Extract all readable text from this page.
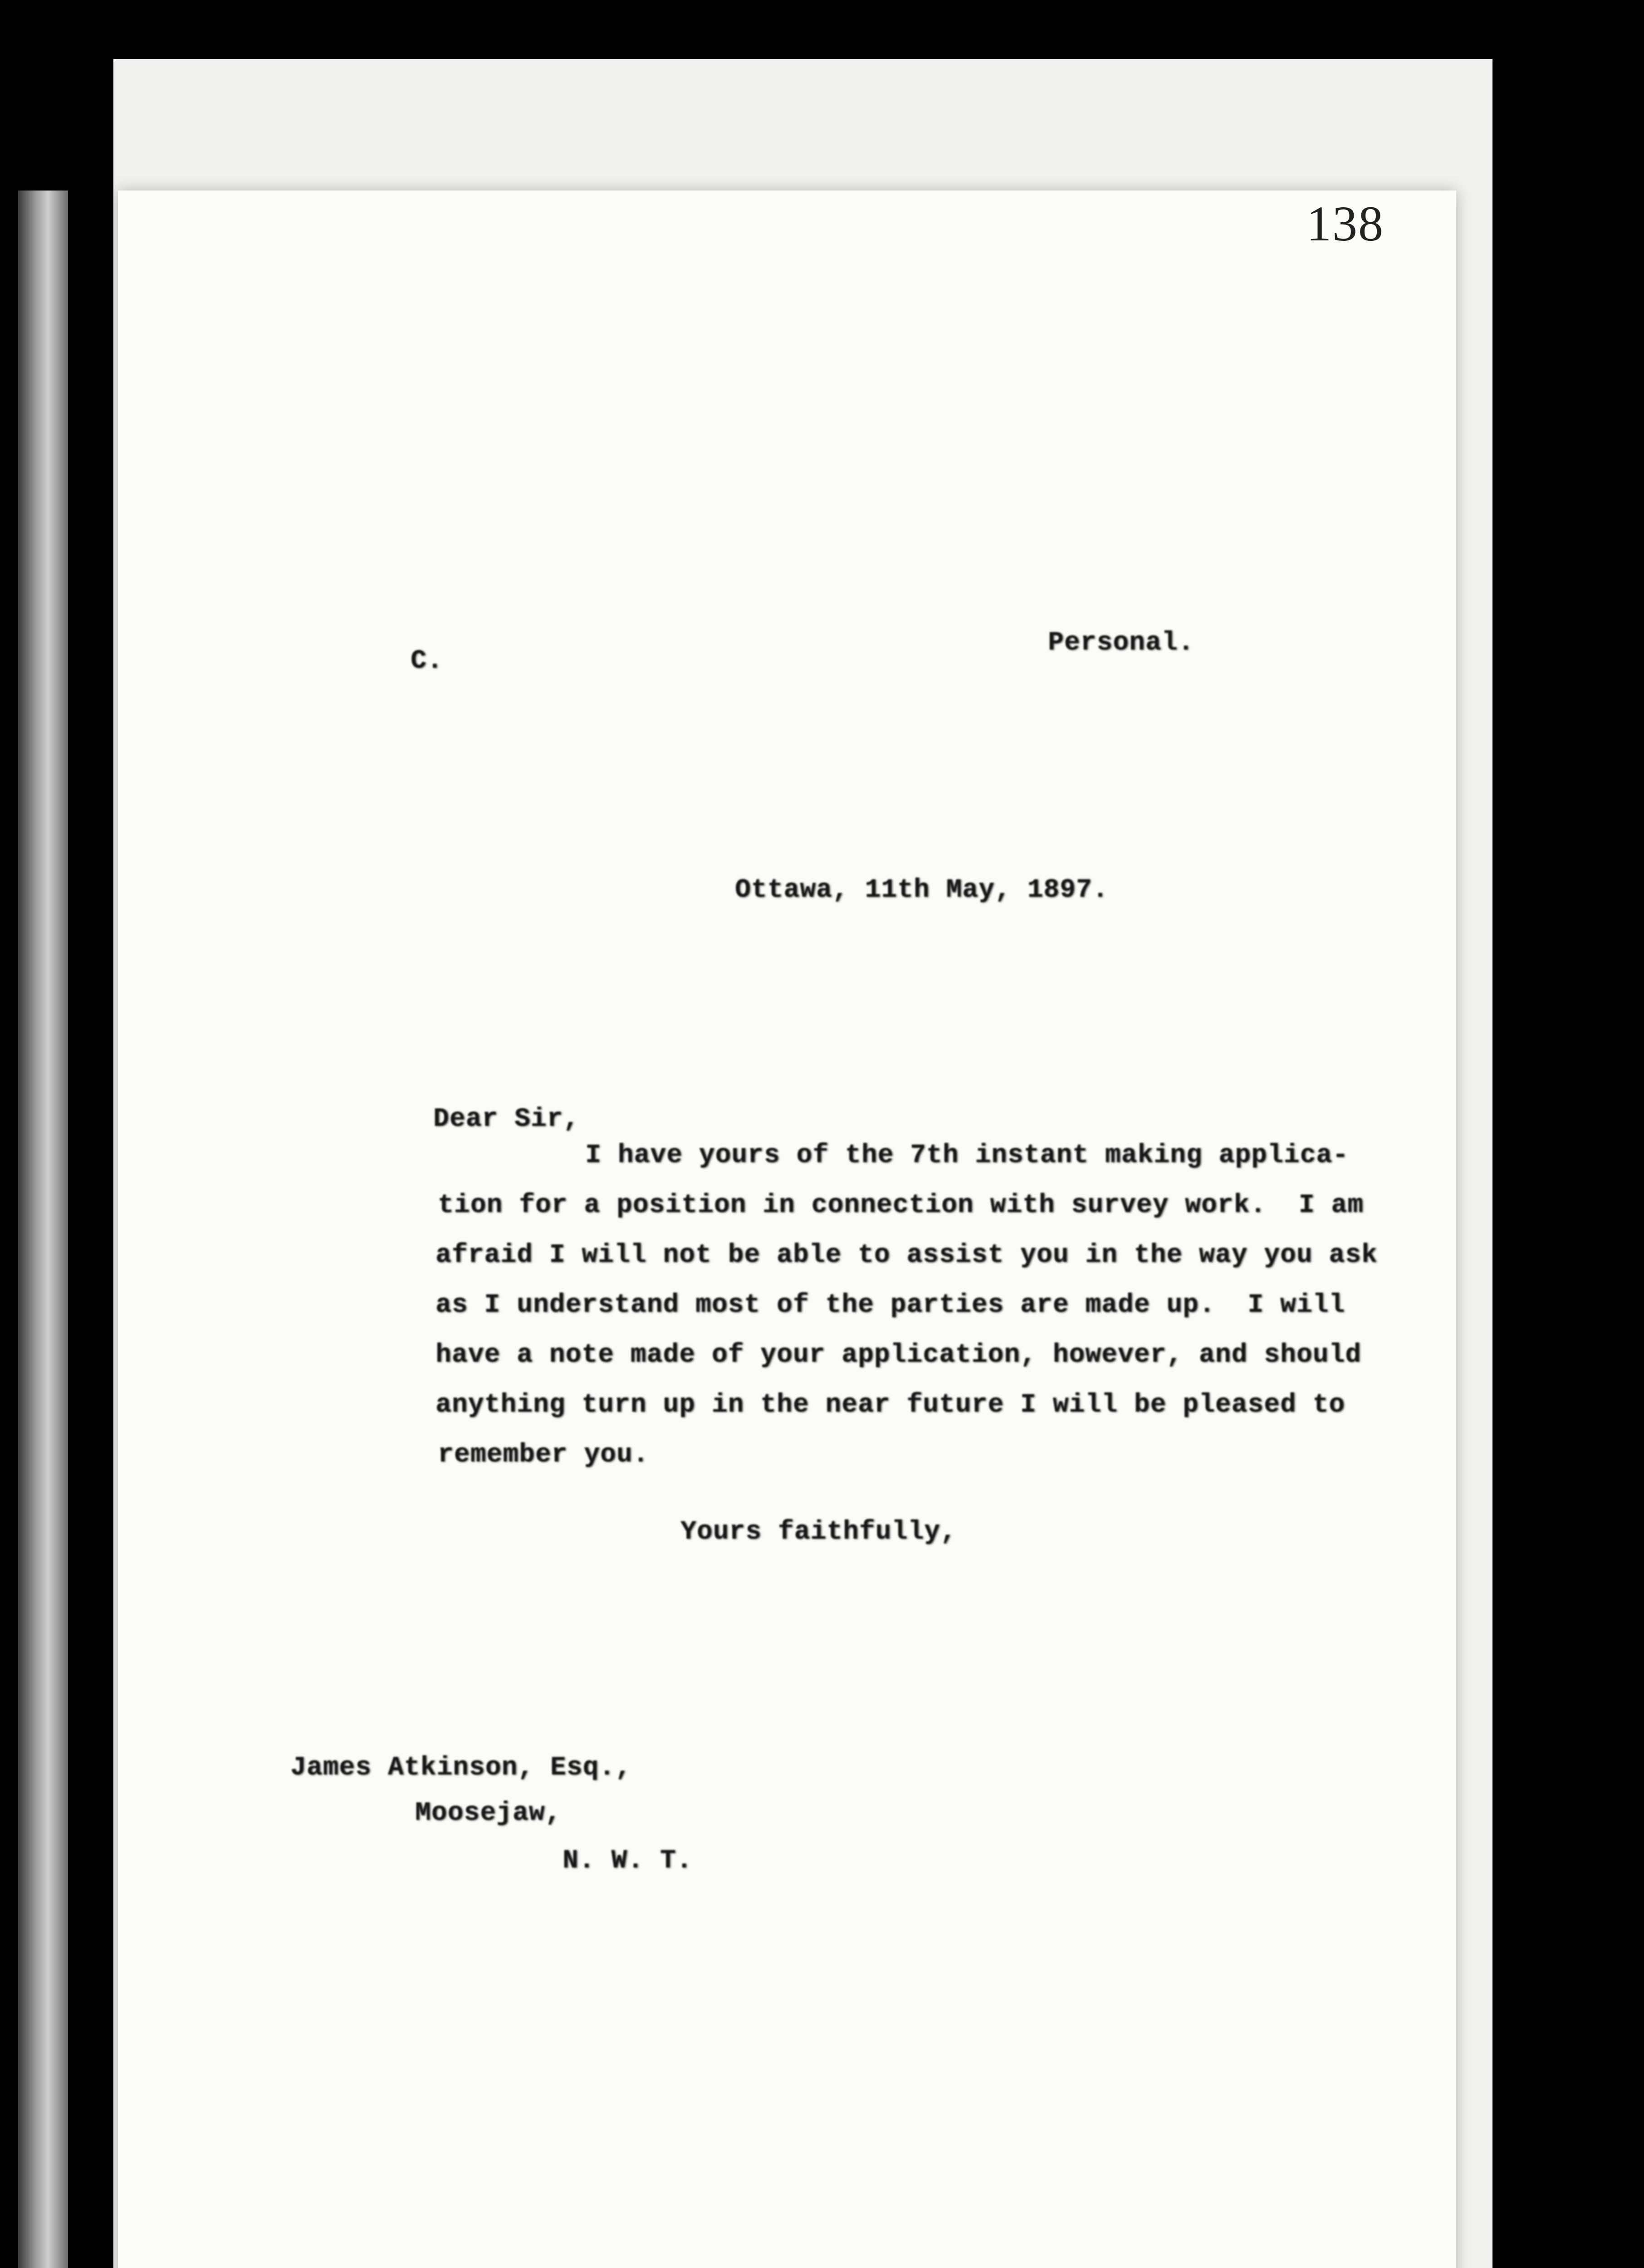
138
C.
Personal.
Ottawa, 11th May, 1897.
Dear Sir,
I have yours of the 7th instant making applica-
tion for a position in connection with survey work.  I am
afraid I will not be able to assist you in the way you ask
as I understand most of the parties are made up.  I will
have a note made of your application, however, and should
anything turn up in the near future I will be pleased to
remember you.
Yours faithfully,
James Atkinson, Esq.,
Moosejaw,
N. W. T.
